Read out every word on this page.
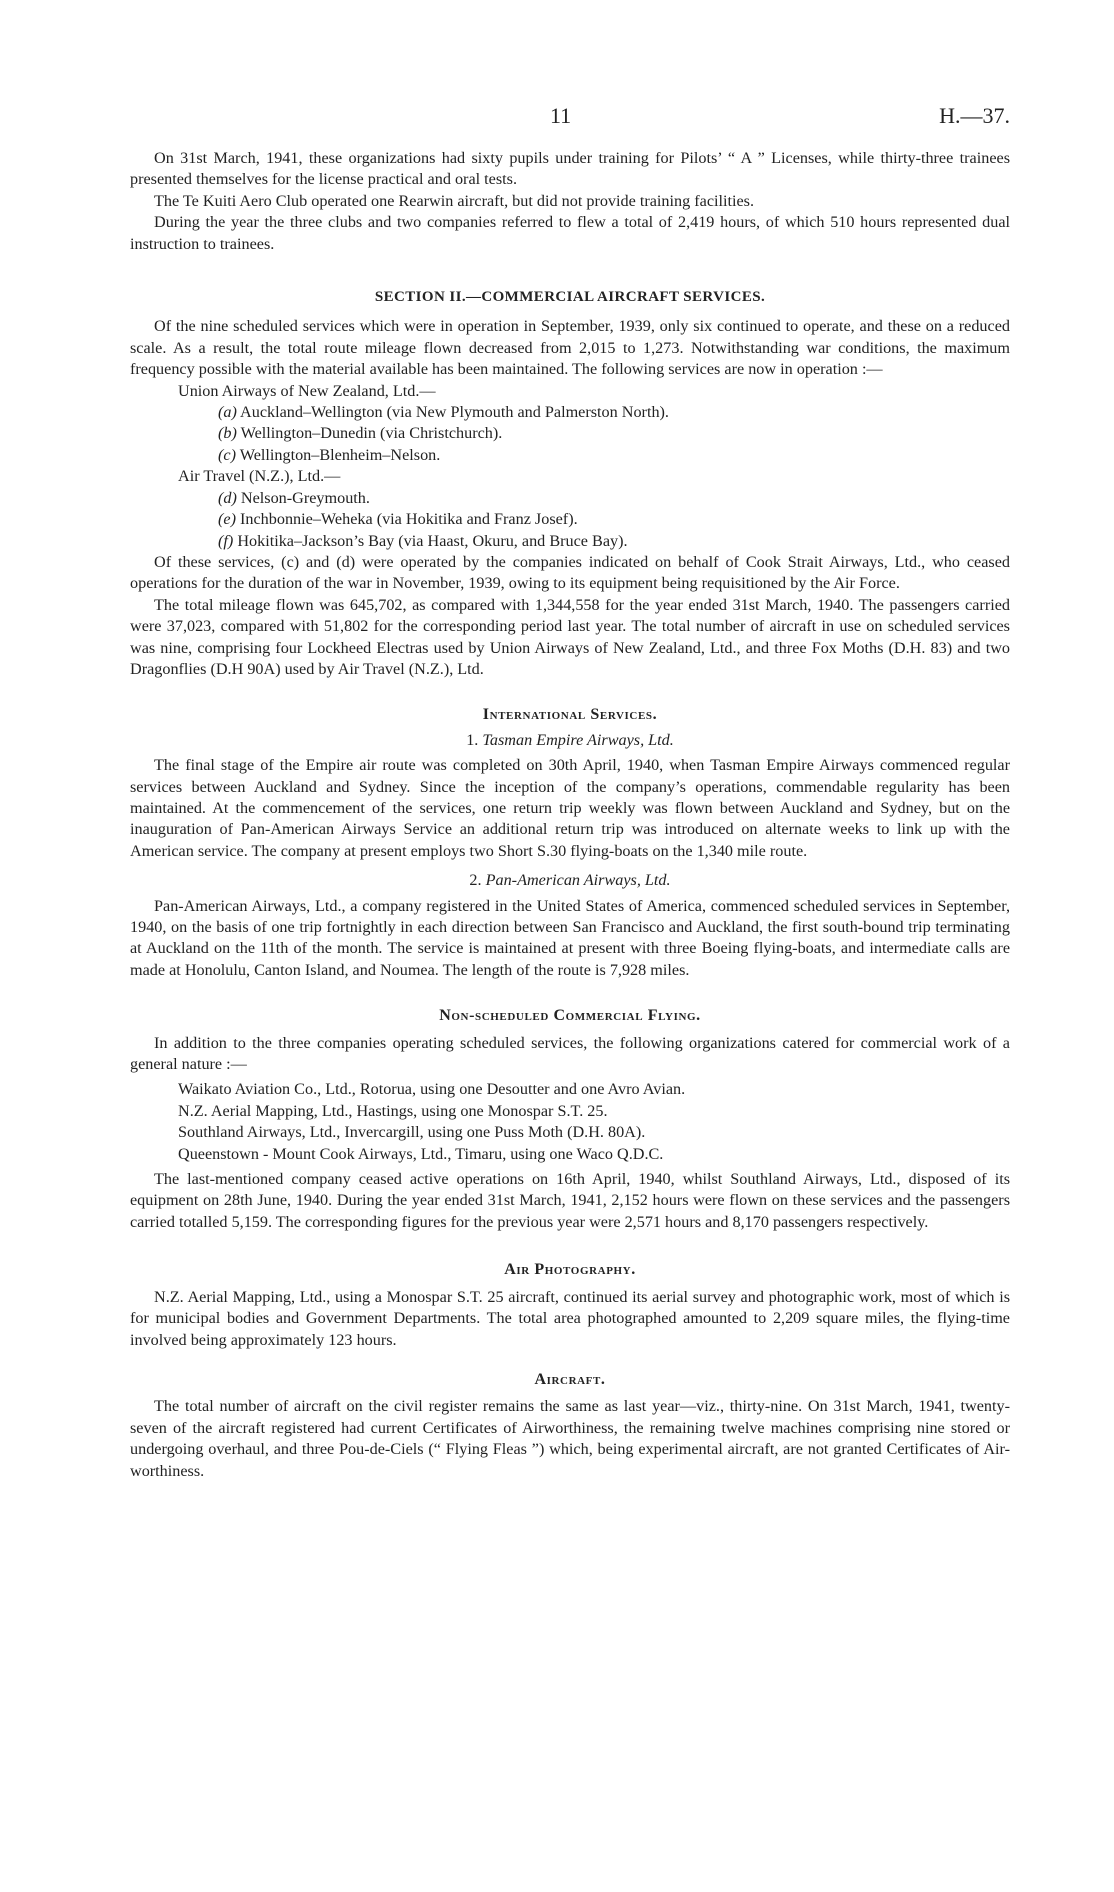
11	H.—37.

On 31st March, 1941, these organizations had sixty pupils under training for Pilots’ “ A ” Licenses, while thirty-three trainees presented themselves for the license practical and oral tests.

The Te Kuiti Aero Club operated one Rearwin aircraft, but did not provide training facilities.

During the year the three clubs and two companies referred to flew a total of 2,419 hours, of which 510 hours represented dual instruction to trainees.

SECTION II.—COMMERCIAL AIRCRAFT SERVICES.

Of the nine scheduled services which were in operation in September, 1939, only six continued to operate, and these on a reduced scale. As a result, the total route mileage flown decreased from 2,015 to 1,273. Notwithstanding war conditions, the maximum frequency possible with the material available has been maintained. The following services are now in operation :—

Union Airways of New Zealand, Ltd.—
(a) Auckland–Wellington (via New Plymouth and Palmerston North).
(b) Wellington–Dunedin (via Christchurch).
(c) Wellington–Blenheim–Nelson.
Air Travel (N.Z.), Ltd.—
(d) Nelson-Greymouth.
(e) Inchbonnie–Weheka (via Hokitika and Franz Josef).
(f) Hokitika–Jackson’s Bay (via Haast, Okuru, and Bruce Bay).

Of these services, (c) and (d) were operated by the companies indicated on behalf of Cook Strait Airways, Ltd., who ceased operations for the duration of the war in November, 1939, owing to its equipment being requisitioned by the Air Force.

The total mileage flown was 645,702, as compared with 1,344,558 for the year ended 31st March, 1940. The passengers carried were 37,023, compared with 51,802 for the corresponding period last year. The total number of aircraft in use on scheduled services was nine, comprising four Lockheed Electras used by Union Airways of New Zealand, Ltd., and three Fox Moths (D.H. 83) and two Dragonflies (D.H 90A) used by Air Travel (N.Z.), Ltd.

International Services.
1. Tasman Empire Airways, Ltd.

The final stage of the Empire air route was completed on 30th April, 1940, when Tasman Empire Airways commenced regular services between Auckland and Sydney. Since the inception of the company’s operations, commendable regularity has been maintained. At the commencement of the services, one return trip weekly was flown between Auckland and Sydney, but on the inauguration of Pan-American Airways Service an additional return trip was introduced on alternate weeks to link up with the American service. The company at present employs two Short S.30 flying-boats on the 1,340 mile route.

2. Pan-American Airways, Ltd.

Pan-American Airways, Ltd., a company registered in the United States of America, commenced scheduled services in September, 1940, on the basis of one trip fortnightly in each direction between San Francisco and Auckland, the first south-bound trip terminating at Auckland on the 11th of the month. The service is maintained at present with three Boeing flying-boats, and intermediate calls are made at Honolulu, Canton Island, and Noumea. The length of the route is 7,928 miles.

Non-scheduled Commercial Flying.

In addition to the three companies operating scheduled services, the following organizations catered for commercial work of a general nature :—

Waikato Aviation Co., Ltd., Rotorua, using one Desoutter and one Avro Avian.
N.Z. Aerial Mapping, Ltd., Hastings, using one Monospar S.T. 25.
Southland Airways, Ltd., Invercargill, using one Puss Moth (D.H. 80A).
Queenstown - Mount Cook Airways, Ltd., Timaru, using one Waco Q.D.C.

The last-mentioned company ceased active operations on 16th April, 1940, whilst Southland Airways, Ltd., disposed of its equipment on 28th June, 1940. During the year ended 31st March, 1941, 2,152 hours were flown on these services and the passengers carried totalled 5,159. The corresponding figures for the previous year were 2,571 hours and 8,170 passengers respectively.

Air Photography.

N.Z. Aerial Mapping, Ltd., using a Monospar S.T. 25 aircraft, continued its aerial survey and photographic work, most of which is for municipal bodies and Government Departments. The total area photographed amounted to 2,209 square miles, the flying-time involved being approximately 123 hours.

Aircraft.

The total number of aircraft on the civil register remains the same as last year—viz., thirty-nine. On 31st March, 1941, twenty-seven of the aircraft registered had current Certificates of Airworthiness, the remaining twelve machines comprising nine stored or undergoing overhaul, and three Pou-de-Ciels (“ Flying Fleas ”) which, being experimental aircraft, are not granted Certificates of Air-worthiness.
